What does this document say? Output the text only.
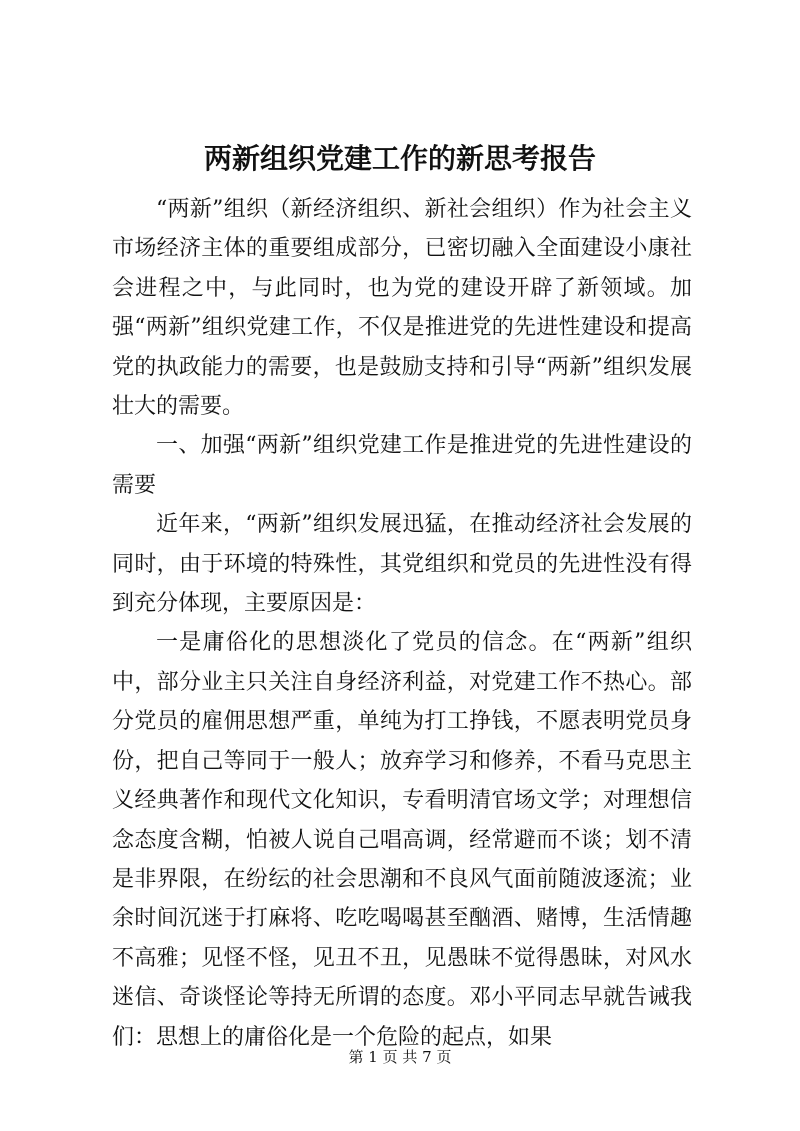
两新组织党建工作的新思考报告

“两新”组织（新经济组织、新社会组织）作为社会主义市场经济主体的重要组成部分，已密切融入全面建设小康社会进程之中，与此同时，也为党的建设开辟了新领域。加强“两新”组织党建工作，不仅是推进党的先进性建设和提高党的执政能力的需要，也是鼓励支持和引导“两新”组织发展壮大的需要。

一、加强“两新”组织党建工作是推进党的先进性建设的需要

近年来，“两新”组织发展迅猛，在推动经济社会发展的同时，由于环境的特殊性，其党组织和党员的先进性没有得到充分体现，主要原因是：

一是庸俗化的思想淡化了党员的信念。在“两新”组织中，部分业主只关注自身经济利益，对党建工作不热心。部分党员的雇佣思想严重，单纯为打工挣钱，不愿表明党员身份，把自己等同于一般人；放弃学习和修养，不看马克思主义经典著作和现代文化知识，专看明清官场文学；对理想信念态度含糊，怕被人说自己唱高调，经常避而不谈；划不清是非界限，在纷纭的社会思潮和不良风气面前随波逐流；业余时间沉迷于打麻将、吃吃喝喝甚至酗酒、赌博，生活情趣不高雅；见怪不怪，见丑不丑，见愚昧不觉得愚昧，对风水迷信、奇谈怪论等持无所谓的态度。邓小平同志早就告诫我们：思想上的庸俗化是一个危险的起点，如果

第 1 页 共 7 页
